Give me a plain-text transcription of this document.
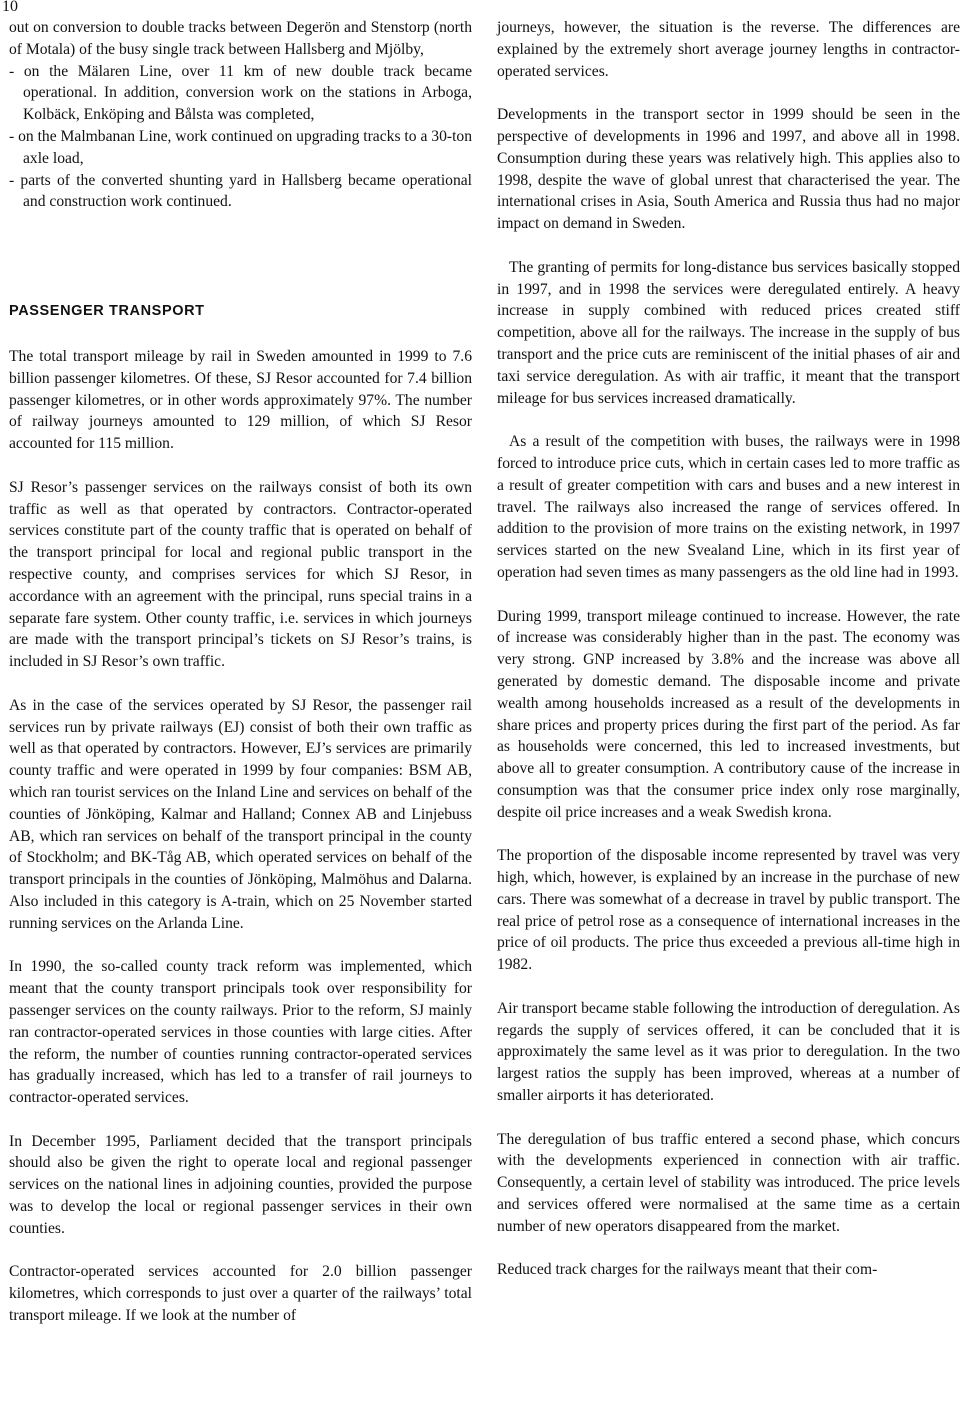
10

out on conversion to double tracks between Degerön and Stenstorp (north of Motala) of the busy single track between Hallsberg and Mjölby,

- on the Mälaren Line, over 11 km of new double track became operational. In addition, conversion work on the stations in Arboga, Kolbäck, Enköping and Bålsta was completed,
- on the Malmbanan Line, work continued on upgrading tracks to a 30-ton axle load,
- parts of the converted shunting yard in Hallsberg became operational and construction work continued.
PASSENGER TRANSPORT

The total transport mileage by rail in Sweden amounted in 1999 to 7.6 billion passenger kilometres. Of these, SJ Resor accounted for 7.4 billion passenger kilometres, or in other words approximately 97%. The number of railway journeys amounted to 129 million, of which SJ Resor accounted for 115 million.

SJ Resor’s passenger services on the railways consist of both its own traffic as well as that operated by contractors. Contractor-operated services constitute part of the county traffic that is operated on behalf of the transport principal for local and regional public transport in the respective county, and comprises services for which SJ Resor, in accordance with an agreement with the principal, runs special trains in a separate fare system. Other county traffic, i.e. services in which journeys are made with the transport principal’s tickets on SJ Resor’s trains, is included in SJ Resor’s own traffic.

As in the case of the services operated by SJ Resor, the passenger rail services run by private railways (EJ) consist of both their own traffic as well as that operated by contractors. However, EJ’s services are primarily county traffic and were operated in 1999 by four companies: BSM AB, which ran tourist services on the Inland Line and services on behalf of the counties of Jönköping, Kalmar and Halland; Connex AB and Linjebuss AB, which ran services on behalf of the transport principal in the county of Stockholm; and BK-Tåg AB, which operated services on behalf of the transport principals in the counties of Jönköping, Malmöhus and Dalarna. Also included in this category is A-train, which on 25 November started running services on the Arlanda Line.

In 1990, the so-called county track reform was implemented, which meant that the county transport principals took over responsibility for passenger services on the county railways. Prior to the reform, SJ mainly ran contractor-operated services in those counties with large cities. After the reform, the number of counties running contractor-operated services has gradually increased, which has led to a transfer of rail journeys to contractor-operated services.

In December 1995, Parliament decided that the transport principals should also be given the right to operate local and regional passenger services on the national lines in adjoining counties, provided the purpose was to develop the local or regional passenger services in their own counties.

Contractor-operated services accounted for 2.0 billion passenger kilometres, which corresponds to just over a quarter of the railways’ total transport mileage. If we look at the number of

journeys, however, the situation is the reverse. The differences are explained by the extremely short average journey lengths in contractor-operated services.

Developments in the transport sector in 1999 should be seen in the perspective of developments in 1996 and 1997, and above all in 1998. Consumption during these years was relatively high. This applies also to 1998, despite the wave of global unrest that characterised the year. The international crises in Asia, South America and Russia thus had no major impact on demand in Sweden.

The granting of permits for long-distance bus services basically stopped in 1997, and in 1998 the services were deregulated entirely. A heavy increase in supply combined with reduced prices created stiff competition, above all for the railways. The increase in the supply of bus transport and the price cuts are reminiscent of the initial phases of air and taxi service deregulation. As with air traffic, it meant that the transport mileage for bus services increased dramatically.

As a result of the competition with buses, the railways were in 1998 forced to introduce price cuts, which in certain cases led to more traffic as a result of greater competition with cars and buses and a new interest in travel. The railways also increased the range of services offered. In addition to the provision of more trains on the existing network, in 1997 services started on the new Svealand Line, which in its first year of operation had seven times as many passengers as the old line had in 1993.

During 1999, transport mileage continued to increase. However, the rate of increase was considerably higher than in the past. The economy was very strong. GNP increased by 3.8% and the increase was above all generated by domestic demand. The disposable income and private wealth among households increased as a result of the developments in share prices and property prices during the first part of the period. As far as households were concerned, this led to increased investments, but above all to greater consumption. A contributory cause of the increase in consumption was that the consumer price index only rose marginally, despite oil price increases and a weak Swedish krona.

The proportion of the disposable income represented by travel was very high, which, however, is explained by an increase in the purchase of new cars. There was somewhat of a decrease in travel by public transport. The real price of petrol rose as a consequence of international increases in the price of oil products. The price thus exceeded a previous all-time high in 1982.

Air transport became stable following the introduction of deregulation. As regards the supply of services offered, it can be concluded that it is approximately the same level as it was prior to deregulation. In the two largest ratios the supply has been improved, whereas at a number of smaller airports it has deteriorated.

The deregulation of bus traffic entered a second phase, which concurs with the developments experienced in connection with air traffic. Consequently, a certain level of stability was introduced. The price levels and services offered were normalised at the same time as a certain number of new operators disappeared from the market.

Reduced track charges for the railways meant that their com-
